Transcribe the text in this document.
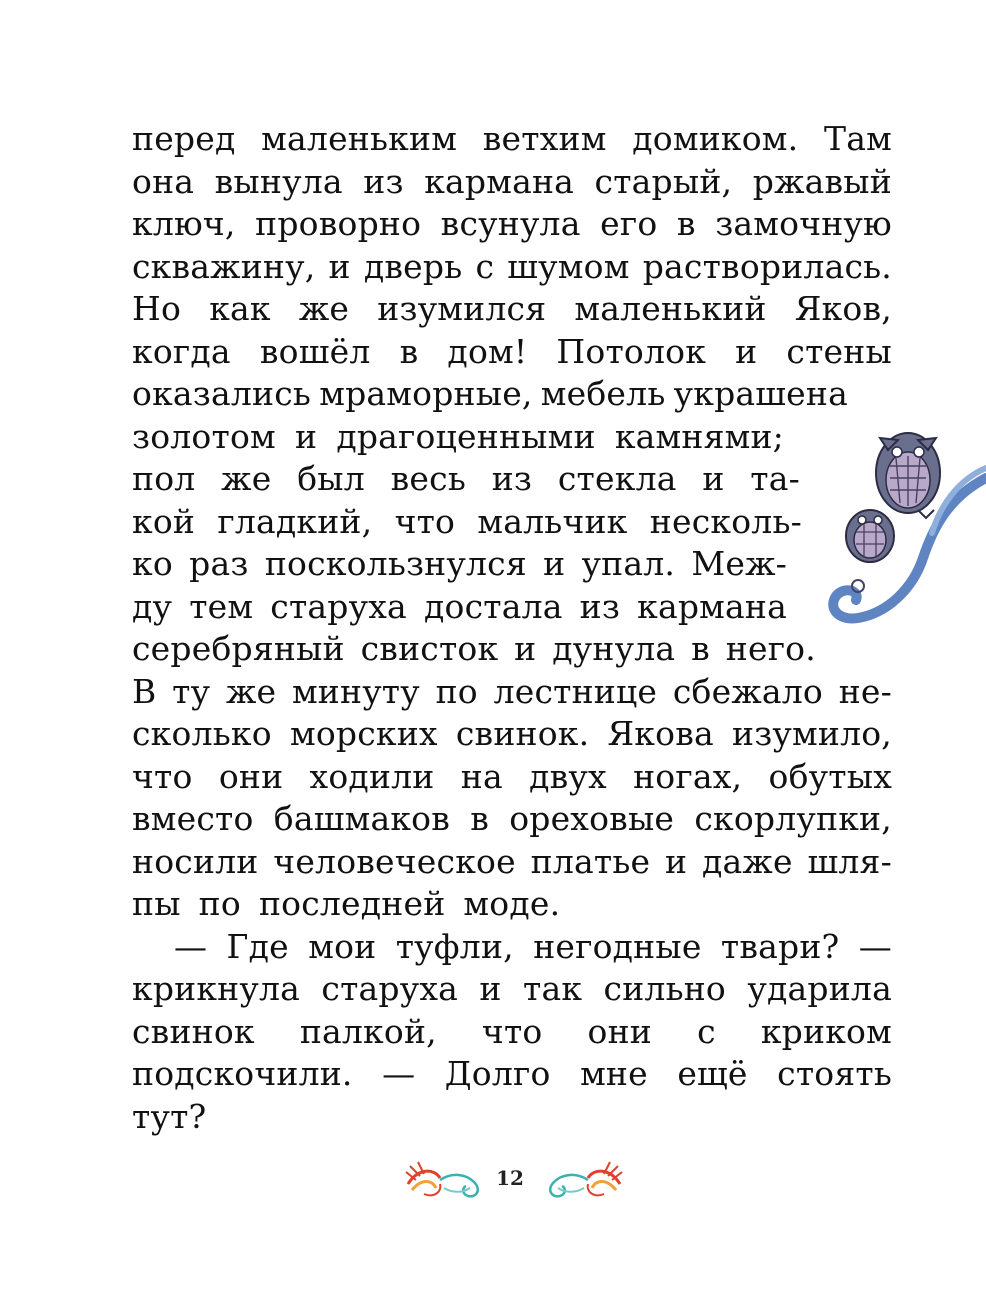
перед маленьким ветхим домиком. Там
она вынула из кармана старый, ржавый
ключ, проворно всунула его в замочную
скважину, и дверь с шумом растворилась.
Но как же изумился маленький Яков,
когда вошёл в дом! Потолок и стены
оказались мраморные, мебель украшена
золотом и драгоценными камнями;
пол же был весь из стекла и та-
кой гладкий, что мальчик несколь-
ко раз поскользнулся и упал. Меж-
ду тем старуха достала из кармана
серебряный свисток и дунула в него.
В ту же минуту по лестнице сбежало не-
сколько морских свинок. Якова изумило,
что они ходили на двух ногах, обутых
вместо башмаков в ореховые скорлупки,
носили человеческое платье и даже шля-
пы по последней моде.
— Где мои туфли, негодные твари? —
крикнула старуха и так сильно ударила
свинок палкой, что они с криком
подскочили. — Долго мне ещё стоять
тут?
12
